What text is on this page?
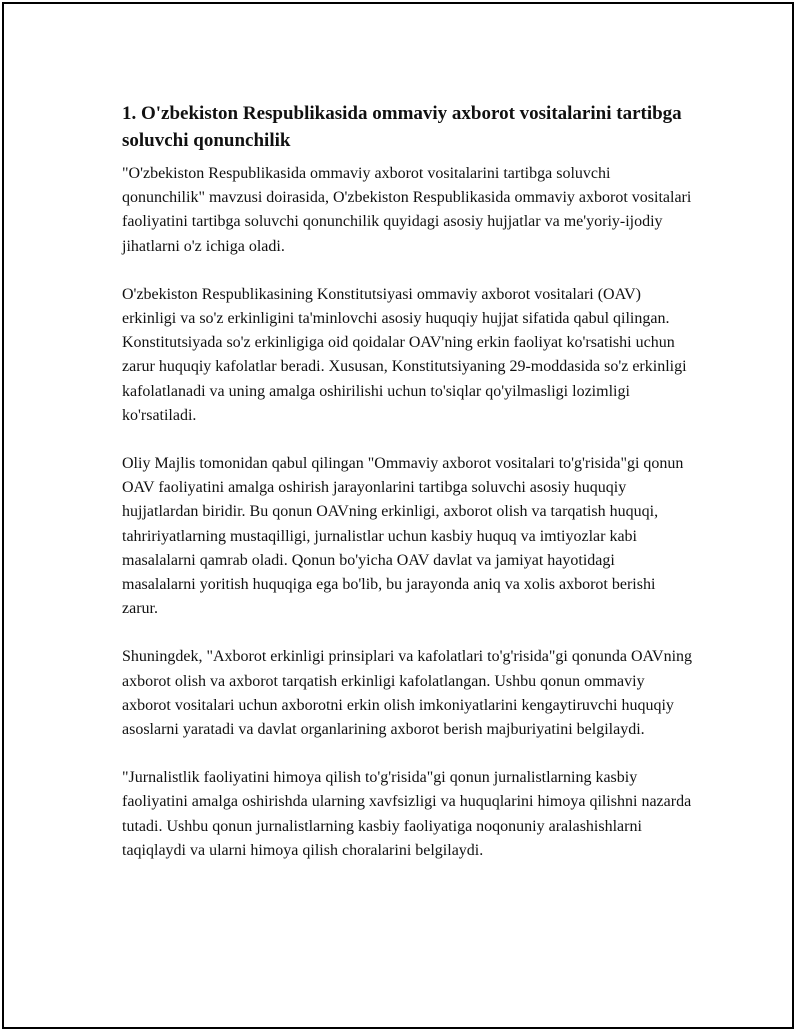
1. O'zbekiston Respublikasida ommaviy axborot vositalarini tartibga soluvchi qonunchilik

"O'zbekiston Respublikasida ommaviy axborot vositalarini tartibga soluvchi qonunchilik" mavzusi doirasida, O'zbekiston Respublikasida ommaviy axborot vositalari faoliyatini tartibga soluvchi qonunchilik quyidagi asosiy hujjatlar va me'yoriy-ijodiy jihatlarni o'z ichiga oladi.

O'zbekiston Respublikasining Konstitutsiyasi ommaviy axborot vositalari (OAV) erkinligi va so'z erkinligini ta'minlovchi asosiy huquqiy hujjat sifatida qabul qilingan. Konstitutsiyada so'z erkinligiga oid qoidalar OAV'ning erkin faoliyat ko'rsatishi uchun zarur huquqiy kafolatlar beradi. Xususan, Konstitutsiyaning 29-moddasida so'z erkinligi kafolatlanadi va uning amalga oshirilishi uchun to'siqlar qo'yilmasligi lozimligi ko'rsatiladi.

Oliy Majlis tomonidan qabul qilingan "Ommaviy axborot vositalari to'g'risida"gi qonun OAV faoliyatini amalga oshirish jarayonlarini tartibga soluvchi asosiy huquqiy hujjatlardan biridir. Bu qonun OAVning erkinligi, axborot olish va tarqatish huquqi, tahririyatlarning mustaqilligi, jurnalistlar uchun kasbiy huquq va imtiyozlar kabi masalalarni qamrab oladi. Qonun bo'yicha OAV davlat va jamiyat hayotidagi masalalarni yoritish huquqiga ega bo'lib, bu jarayonda aniq va xolis axborot berishi zarur.

Shuningdek, "Axborot erkinligi prinsiplari va kafolatlari to'g'risida"gi qonunda OAVning axborot olish va axborot tarqatish erkinligi kafolatlangan. Ushbu qonun ommaviy axborot vositalari uchun axborotni erkin olish imkoniyatlarini kengaytiruvchi huquqiy asoslarni yaratadi va davlat organlarining axborot berish majburiyatini belgilaydi.

"Jurnalistlik faoliyatini himoya qilish to'g'risida"gi qonun jurnalistlarning kasbiy faoliyatini amalga oshirishda ularning xavfsizligi va huquqlarini himoya qilishni nazarda tutadi. Ushbu qonun jurnalistlarning kasbiy faoliyatiga noqonuniy aralashishlarni taqiqlaydi va ularni himoya qilish choralarini belgilaydi.
